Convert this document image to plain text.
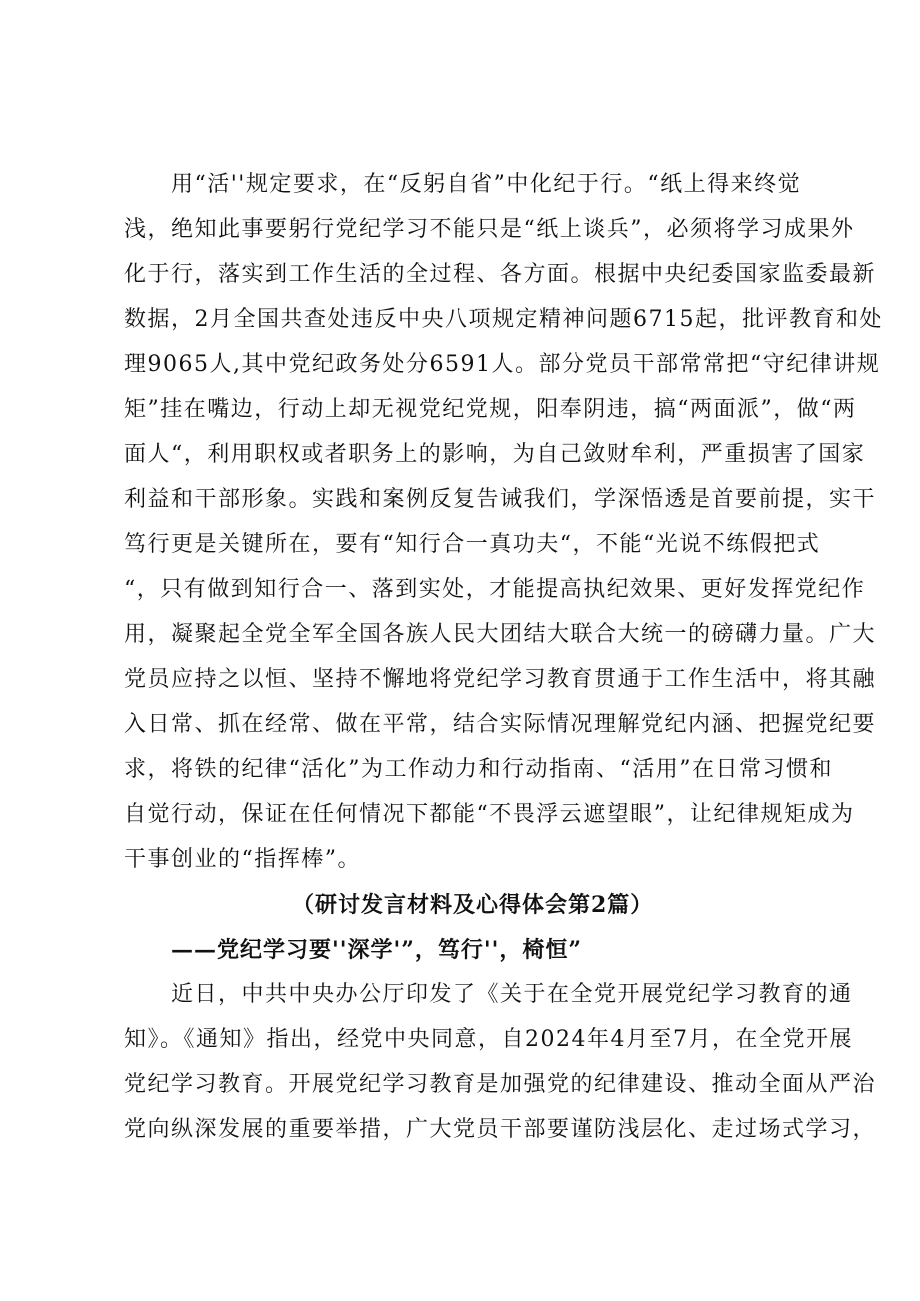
用“活''规定要求，在“反躬自省”中化纪于行。“纸上得来终觉
浅，绝知此事要躬行党纪学习不能只是“纸上谈兵”，必须将学习成果外
化于行，落实到工作生活的全过程、各方面。根据中央纪委国家监委最新
数据，2月全国共查处违反中央八项规定精神问题6715起，批评教育和处
理9065人,其中党纪政务处分6591人。部分党员干部常常把“守纪律讲规
矩”挂在嘴边，行动上却无视党纪党规，阳奉阴违，搞“两面派”，做“两
面人“，利用职权或者职务上的影响，为自己敛财牟利，严重损害了国家
利益和干部形象。实践和案例反复告诫我们，学深悟透是首要前提，实干
笃行更是关键所在，要有“知行合一真功夫“，不能“光说不练假把式
“，只有做到知行合一、落到实处，才能提高执纪效果、更好发挥党纪作
用，凝聚起全党全军全国各族人民大团结大联合大统一的磅礴力量。广大
党员应持之以恒、坚持不懈地将党纪学习教育贯通于工作生活中，将其融
入日常、抓在经常、做在平常，结合实际情况理解党纪内涵、把握党纪要
求，将铁的纪律“活化”为工作动力和行动指南、“活用”在日常习惯和
自觉行动，保证在任何情况下都能“不畏浮云遮望眼”，让纪律规矩成为
干事创业的“指挥棒”。
（研讨发言材料及心得体会第2篇）
——党纪学习要''深学'”，笃行''，椅恒”
近日，中共中央办公厅印发了《关于在全党开展党纪学习教育的通
知》。《通知》指出，经党中央同意，自2024年4月至7月，在全党开展
党纪学习教育。开展党纪学习教育是加强党的纪律建设、推动全面从严治
党向纵深发展的重要举措，广大党员干部要谨防浅层化、走过场式学习，
